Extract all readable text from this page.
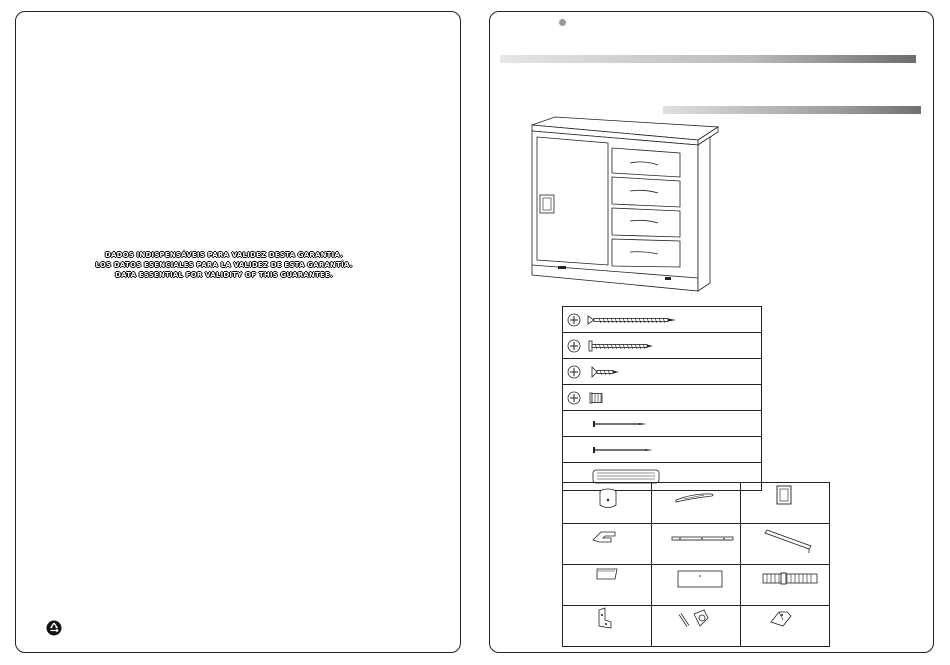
DADOS INDISPENSÁVEIS PARA VALIDEZ DESTA GARANTIA.
LOS DATOS ESENCIALES PARA LA VALIDEZ DE ESTA GARANTÍA.
DATA ESSENTIAL FOR VALIDITY OF THIS GUARANTEE.
